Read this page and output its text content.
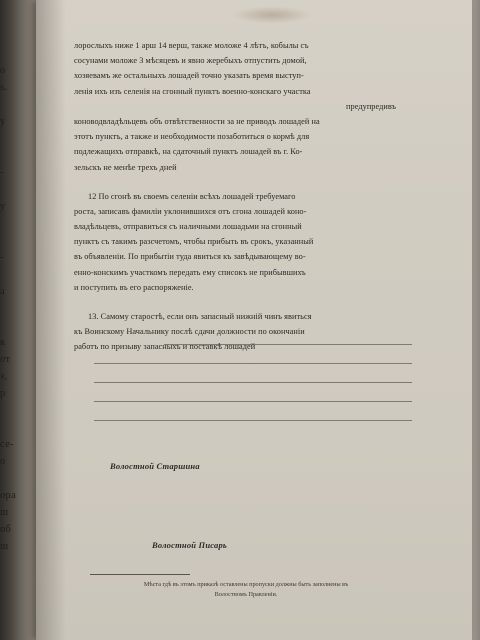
o
s.
y
-
y
-
a
к
от
з,
р
се-
о
ора
ш
об
ш
лорослыхъ ниже 1 арш 14 верш, также моложе 4 лѣтъ, кобылы съ
сосунами моложе 3 мѣсяцевъ и явно жеребыхъ отпустить домой,
хозяевамъ же остальныхъ лошадей точно указать время выступ-
ленія ихъ изъ селенія на сгонный пунктъ военно-конскаго участка
предупредивъ
коноводвладѣльцевъ объ отвѣтственности за не приводъ лошадей на
этотъ пунктъ, а также и необходимости позаботиться о кормѣ для
подлежащихъ отправкѣ, на сдаточный пунктъ лошадей въ г. Ко-
зельскъ не менѣе трехъ дней
12 По сгонѣ въ своемъ селеніи всѣхъ лошадей требуемаго
роста, записавъ фамиліи уклонившихся отъ сгона лошадей коно-
владѣльцевъ, отправиться съ наличными лошадьми на сгонный
пунктъ съ такимъ разсчетомъ, чтобы прибыть въ срокъ, указанный
въ объявленіи. По прибытіи туда явиться къ завѣдывающему во-
енно-конскимъ участкомъ передать ему списокъ не прибывшихъ
и поступить въ его распоряженіе.
13. Самому старостѣ, если онъ запасный нижній чинъ явиться
къ Воинскому Начальнику послѣ сдачи должности по окончаніи
работъ по призыву запасныхъ и поставкѣ лошадей
Волостной Старшина
Волостной Писарь
Мѣста гдѣ въ этомъ приказѣ оставлены пропуски должны быть заполнены въ
Волостномъ Правленіи.
